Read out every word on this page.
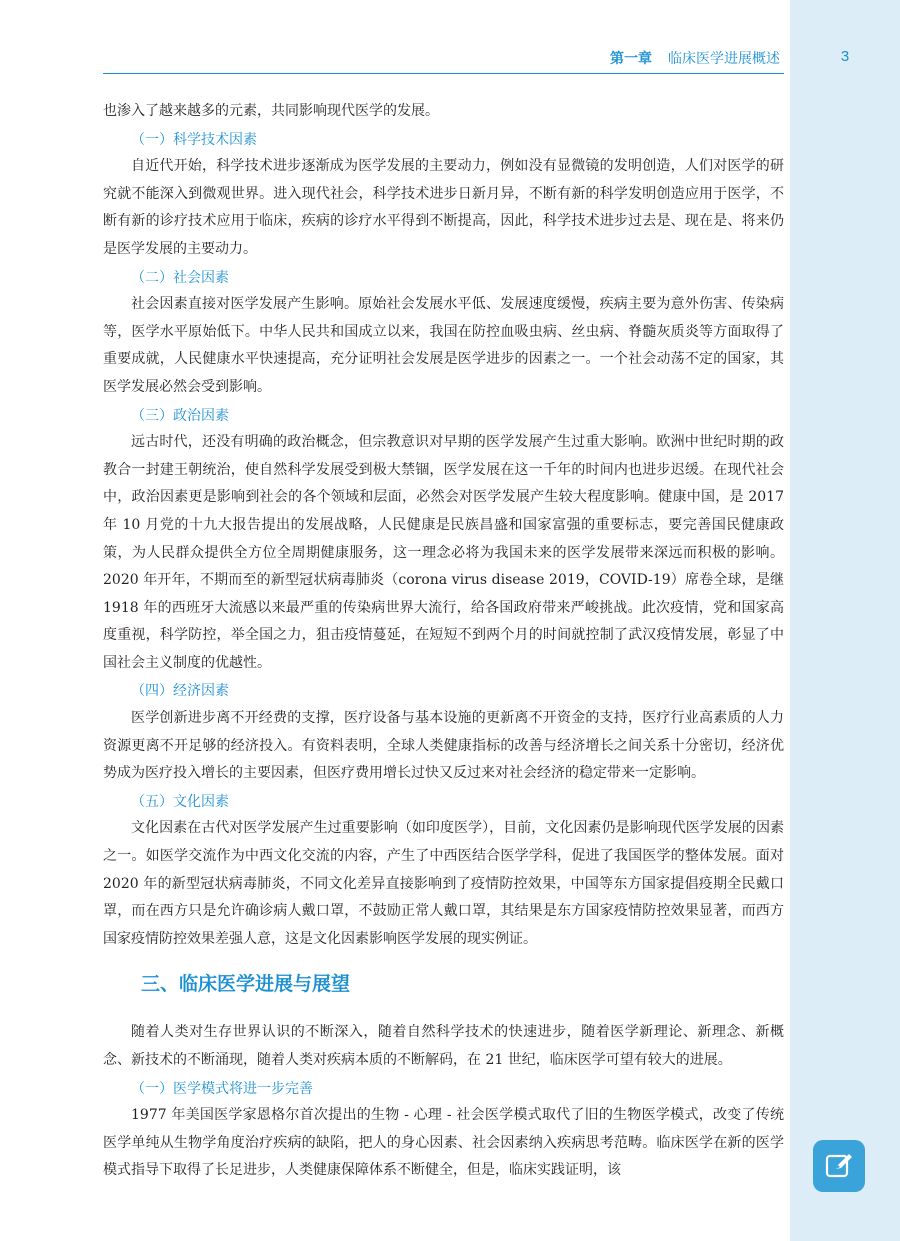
第一章 临床医学进展概述	3

也渗入了越来越多的元素，共同影响现代医学的发展。

（一）科学技术因素

自近代开始，科学技术进步逐渐成为医学发展的主要动力，例如没有显微镜的发明创造，人们对医学的研究就不能深入到微观世界。进入现代社会，科学技术进步日新月异，不断有新的科学发明创造应用于医学，不断有新的诊疗技术应用于临床，疾病的诊疗水平得到不断提高，因此，科学技术进步过去是、现在是、将来仍是医学发展的主要动力。

（二）社会因素

社会因素直接对医学发展产生影响。原始社会发展水平低、发展速度缓慢，疾病主要为意外伤害、传染病等，医学水平原始低下。中华人民共和国成立以来，我国在防控血吸虫病、丝虫病、脊髓灰质炎等方面取得了重要成就，人民健康水平快速提高，充分证明社会发展是医学进步的因素之一。一个社会动荡不定的国家，其医学发展必然会受到影响。

（三）政治因素

远古时代，还没有明确的政治概念，但宗教意识对早期的医学发展产生过重大影响。欧洲中世纪时期的政教合一封建王朝统治，使自然科学发展受到极大禁锢，医学发展在这一千年的时间内也进步迟缓。在现代社会中，政治因素更是影响到社会的各个领域和层面，必然会对医学发展产生较大程度影响。健康中国，是 2017 年 10 月党的十九大报告提出的发展战略，人民健康是民族昌盛和国家富强的重要标志，要完善国民健康政策，为人民群众提供全方位全周期健康服务，这一理念必将为我国未来的医学发展带来深远而积极的影响。2020 年开年，不期而至的新型冠状病毒肺炎（corona virus disease 2019，COVID-19）席卷全球，是继 1918 年的西班牙大流感以来最严重的传染病世界大流行，给各国政府带来严峻挑战。此次疫情，党和国家高度重视，科学防控，举全国之力，狙击疫情蔓延，在短短不到两个月的时间就控制了武汉疫情发展，彰显了中国社会主义制度的优越性。

（四）经济因素

医学创新进步离不开经费的支撑，医疗设备与基本设施的更新离不开资金的支持，医疗行业高素质的人力资源更离不开足够的经济投入。有资料表明，全球人类健康指标的改善与经济增长之间关系十分密切，经济优势成为医疗投入增长的主要因素，但医疗费用增长过快又反过来对社会经济的稳定带来一定影响。

（五）文化因素

文化因素在古代对医学发展产生过重要影响（如印度医学），目前，文化因素仍是影响现代医学发展的因素之一。如医学交流作为中西文化交流的内容，产生了中西医结合医学学科，促进了我国医学的整体发展。面对 2020 年的新型冠状病毒肺炎，不同文化差异直接影响到了疫情防控效果，中国等东方国家提倡疫期全民戴口罩，而在西方只是允许确诊病人戴口罩，不鼓励正常人戴口罩，其结果是东方国家疫情防控效果显著，而西方国家疫情防控效果差强人意，这是文化因素影响医学发展的现实例证。

三、临床医学进展与展望

随着人类对生存世界认识的不断深入，随着自然科学技术的快速进步，随着医学新理论、新理念、新概念、新技术的不断涌现，随着人类对疾病本质的不断解码，在 21 世纪，临床医学可望有较大的进展。

（一）医学模式将进一步完善

1977 年美国医学家恩格尔首次提出的生物 - 心理 - 社会医学模式取代了旧的生物医学模式，改变了传统医学单纯从生物学角度治疗疾病的缺陷，把人的身心因素、社会因素纳入疾病思考范畴。临床医学在新的医学模式指导下取得了长足进步，人类健康保障体系不断健全，但是，临床实践证明，该
